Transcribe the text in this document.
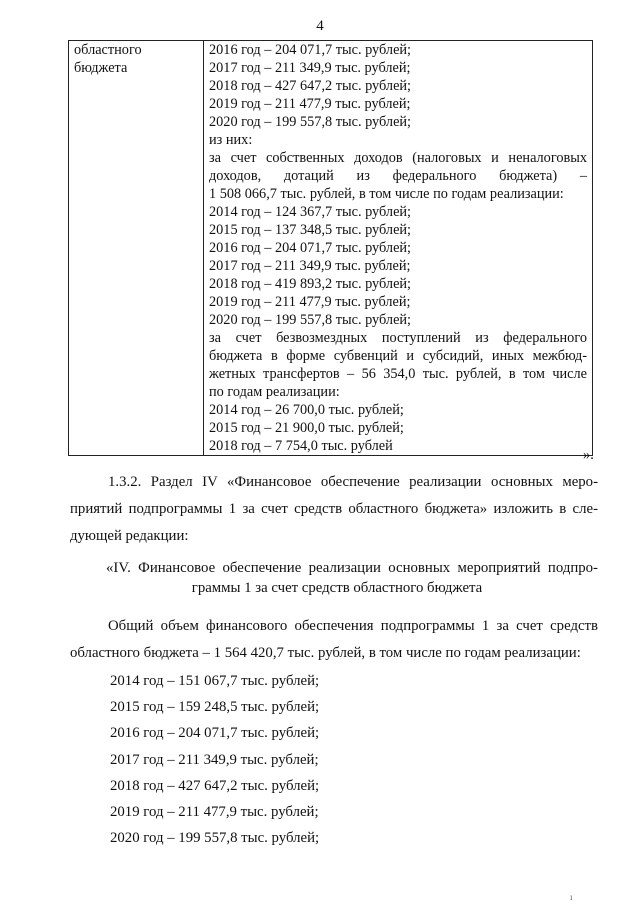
4
областного
бюджета

2016 год – 204 071,7 тыс. рублей;
2017 год – 211 349,9 тыс. рублей;
2018 год – 427 647,2 тыс. рублей;
2019 год – 211 477,9 тыс. рублей;
2020 год – 199 557,8 тыс. рублей;
из них:
за счет собственных доходов (налоговых и неналоговых
доходов, дотаций из федерального бюджета) –
1 508 066,7 тыс. рублей, в том числе по годам реализации:
2014 год – 124 367,7 тыс. рублей;
2015 год – 137 348,5 тыс. рублей;
2016 год – 204 071,7 тыс. рублей;
2017 год – 211 349,9 тыс. рублей;
2018 год – 419 893,2 тыс. рублей;
2019 год – 211 477,9 тыс. рублей;
2020 год – 199 557,8 тыс. рублей;
за счет безвозмездных поступлений из федерального
бюджета в форме субвенций и субсидий, иных межбюд-
жетных трансфертов – 56 354,0 тыс. рублей, в том числе
по годам реализации:
2014 год – 26 700,0 тыс. рублей;
2015 год – 21 900,0 тыс. рублей;
2018 год – 7 754,0 тыс. рублей
».
1.3.2. Раздел IV «Финансовое обеспечение реализации основных меро-
приятий подпрограммы 1 за счет средств областного бюджета» изложить в сле-
дующей редакции:
«IV. Финансовое обеспечение реализации основных мероприятий подпро-
граммы 1 за счет средств областного бюджета
Общий объем финансового обеспечения подпрограммы 1 за счет средств
областного бюджета – 1 564 420,7 тыс. рублей, в том числе по годам реализации:
2014 год – 151 067,7 тыс. рублей;
2015 год – 159 248,5 тыс. рублей;
2016 год – 204 071,7 тыс. рублей;
2017 год – 211 349,9 тыс. рублей;
2018 год – 427 647,2 тыс. рублей;
2019 год – 211 477,9 тыс. рублей;
2020 год – 199 557,8 тыс. рублей;
ı
